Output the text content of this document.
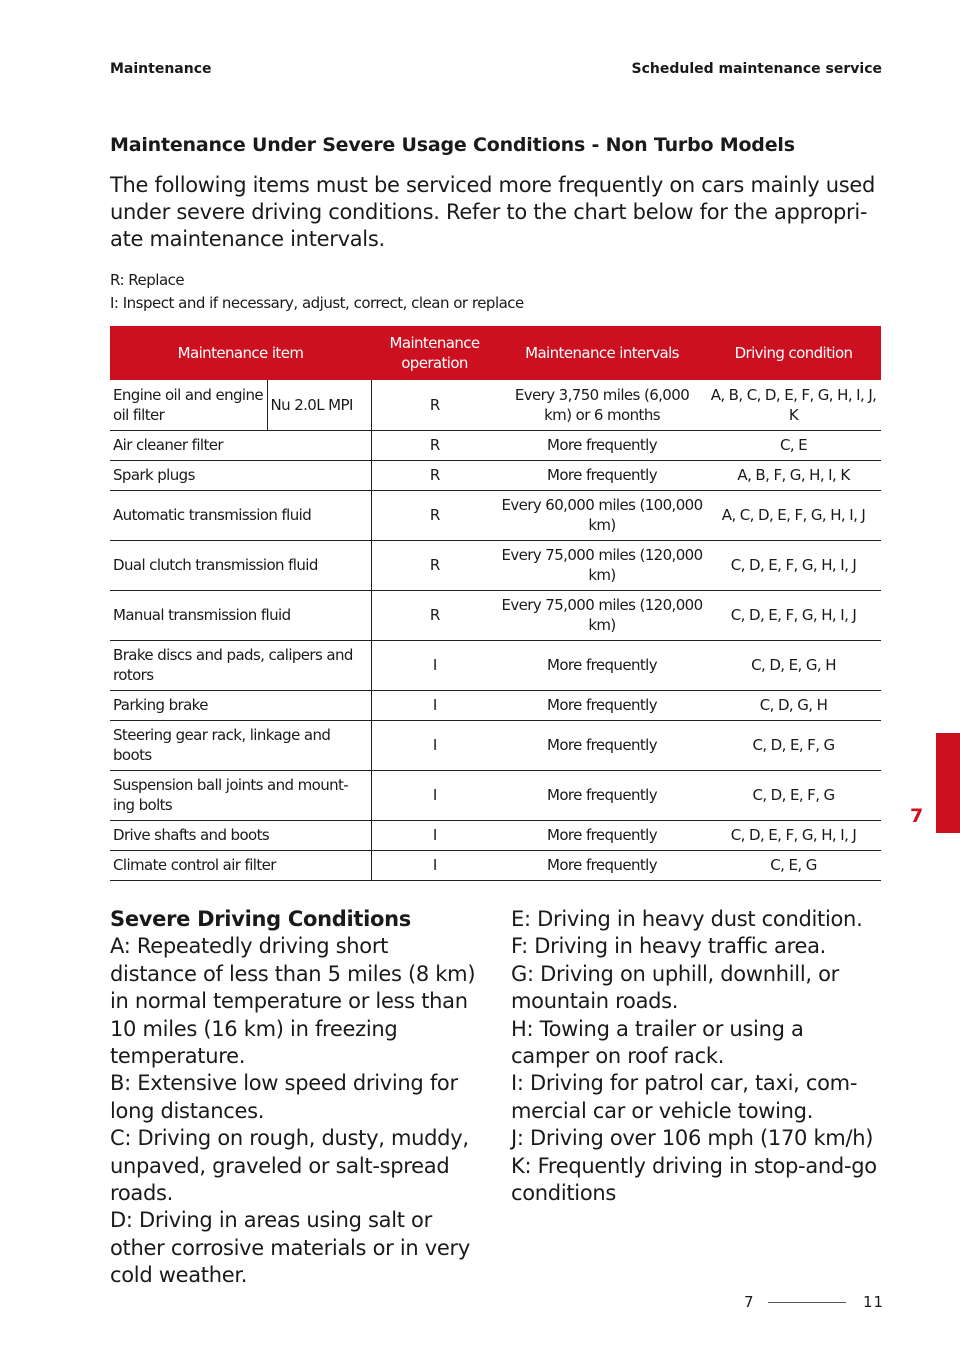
Maintenance	Scheduled maintenance service
Maintenance Under Severe Usage Conditions - Non Turbo Models
The following items must be serviced more frequently on cars mainly used under severe driving conditions. Refer to the chart below for the appropri-ate maintenance intervals.
R: Replace
I: Inspect and if necessary, adjust, correct, clean or replace
Maintenance item		Maintenance operation	Maintenance intervals	Driving condition
Engine oil and engine oil filter	Nu 2.0L MPI	R	Every 3,750 miles (6,000 km) or 6 months	A, B, C, D, E, F, G, H, I, J, K
Air cleaner filter		R	More frequently	C, E
Spark plugs		R	More frequently	A, B, F, G, H, I, K
Automatic transmission fluid		R	Every 60,000 miles (100,000 km)	A, C, D, E, F, G, H, I, J
Dual clutch transmission fluid		R	Every 75,000 miles (120,000 km)	C, D, E, F, G, H, I, J
Manual transmission fluid		R	Every 75,000 miles (120,000 km)	C, D, E, F, G, H, I, J
Brake discs and pads, calipers and rotors		I	More frequently	C, D, E, G, H
Parking brake		I	More frequently	C, D, G, H
Steering gear rack, linkage and boots		I	More frequently	C, D, E, F, G
Suspension ball joints and mount-ing bolts		I	More frequently	C, D, E, F, G
Drive shafts and boots		I	More frequently	C, D, E, F, G, H, I, J
Climate control air filter		I	More frequently	C, E, G
Severe Driving Conditions
A: Repeatedly driving short distance of less than 5 miles (8 km) in normal temperature or less than 10 miles (16 km) in freezing temperature.
B: Extensive low speed driving for long distances.
C: Driving on rough, dusty, muddy, unpaved, graveled or salt-spread roads.
D: Driving in areas using salt or other corrosive materials or in very cold weather.
E: Driving in heavy dust condition.
F: Driving in heavy traffic area.
G: Driving on uphill, downhill, or mountain roads.
H: Towing a trailer or using a camper on roof rack.
I: Driving for patrol car, taxi, com-mercial car or vehicle towing.
J: Driving over 106 mph (170 km/h)
K: Frequently driving in stop-and-go conditions
7
7	11
